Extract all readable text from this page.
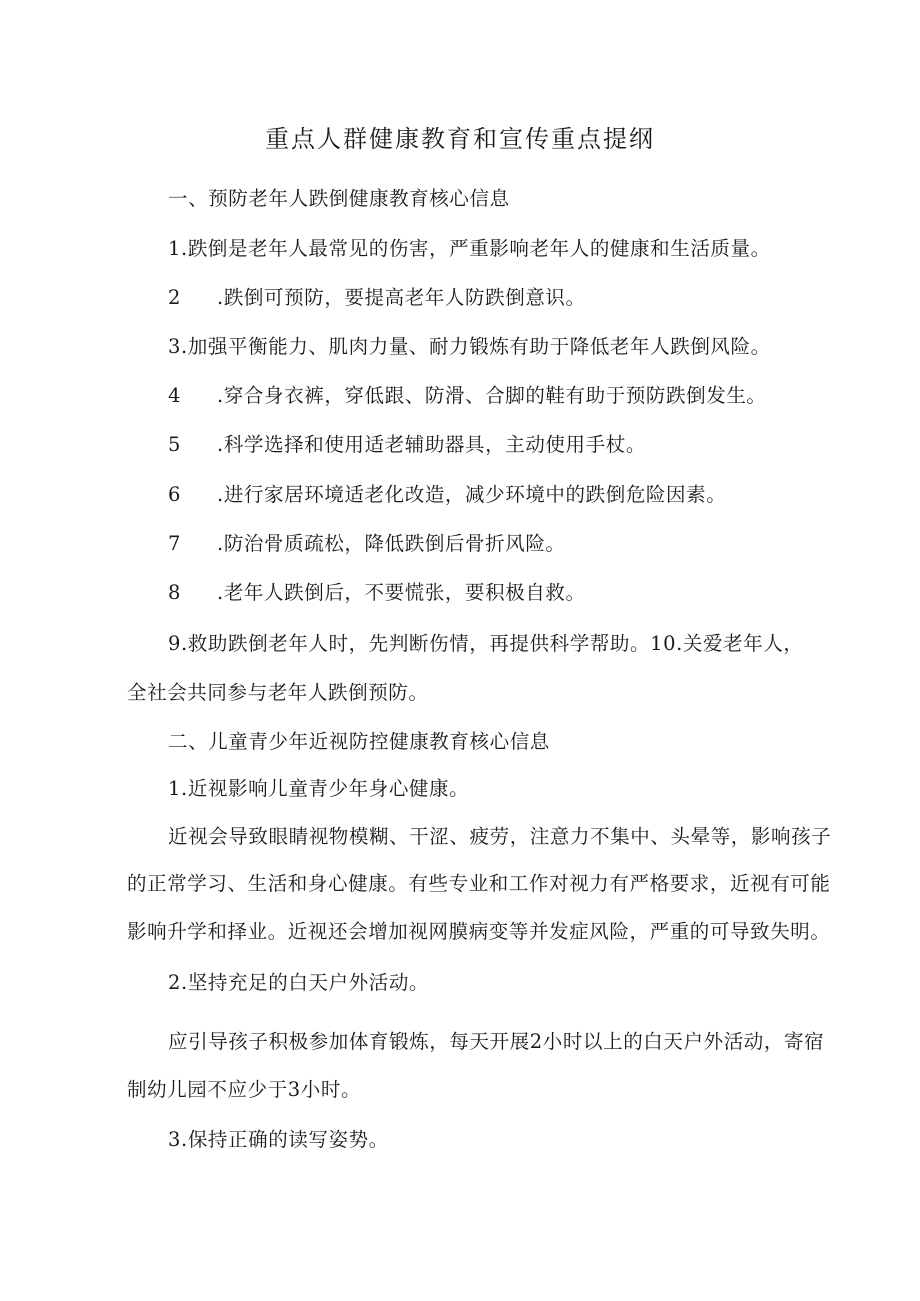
重点人群健康教育和宣传重点提纲
一、预防老年人跌倒健康教育核心信息
1.跌倒是老年人最常见的伤害，严重影响老年人的健康和生活质量。
2 .跌倒可预防，要提高老年人防跌倒意识。
3.加强平衡能力、肌肉力量、耐力锻炼有助于降低老年人跌倒风险。
4 .穿合身衣裤，穿低跟、防滑、合脚的鞋有助于预防跌倒发生。
5 .科学选择和使用适老辅助器具，主动使用手杖。
6 .进行家居环境适老化改造，减少环境中的跌倒危险因素。
7 .防治骨质疏松，降低跌倒后骨折风险。
8 .老年人跌倒后，不要慌张，要积极自救。
9.救助跌倒老年人时，先判断伤情，再提供科学帮助。10.关爱老年人，
全社会共同参与老年人跌倒预防。
二、儿童青少年近视防控健康教育核心信息
1.近视影响儿童青少年身心健康。
近视会导致眼睛视物模糊、干涩、疲劳，注意力不集中、头晕等，影响孩子
的正常学习、生活和身心健康。有些专业和工作对视力有严格要求，近视有可能
影响升学和择业。近视还会增加视网膜病变等并发症风险，严重的可导致失明。
2.坚持充足的白天户外活动。
应引导孩子积极参加体育锻炼，每天开展2小时以上的白天户外活动，寄宿
制幼儿园不应少于3小时。
3.保持正确的读写姿势。
